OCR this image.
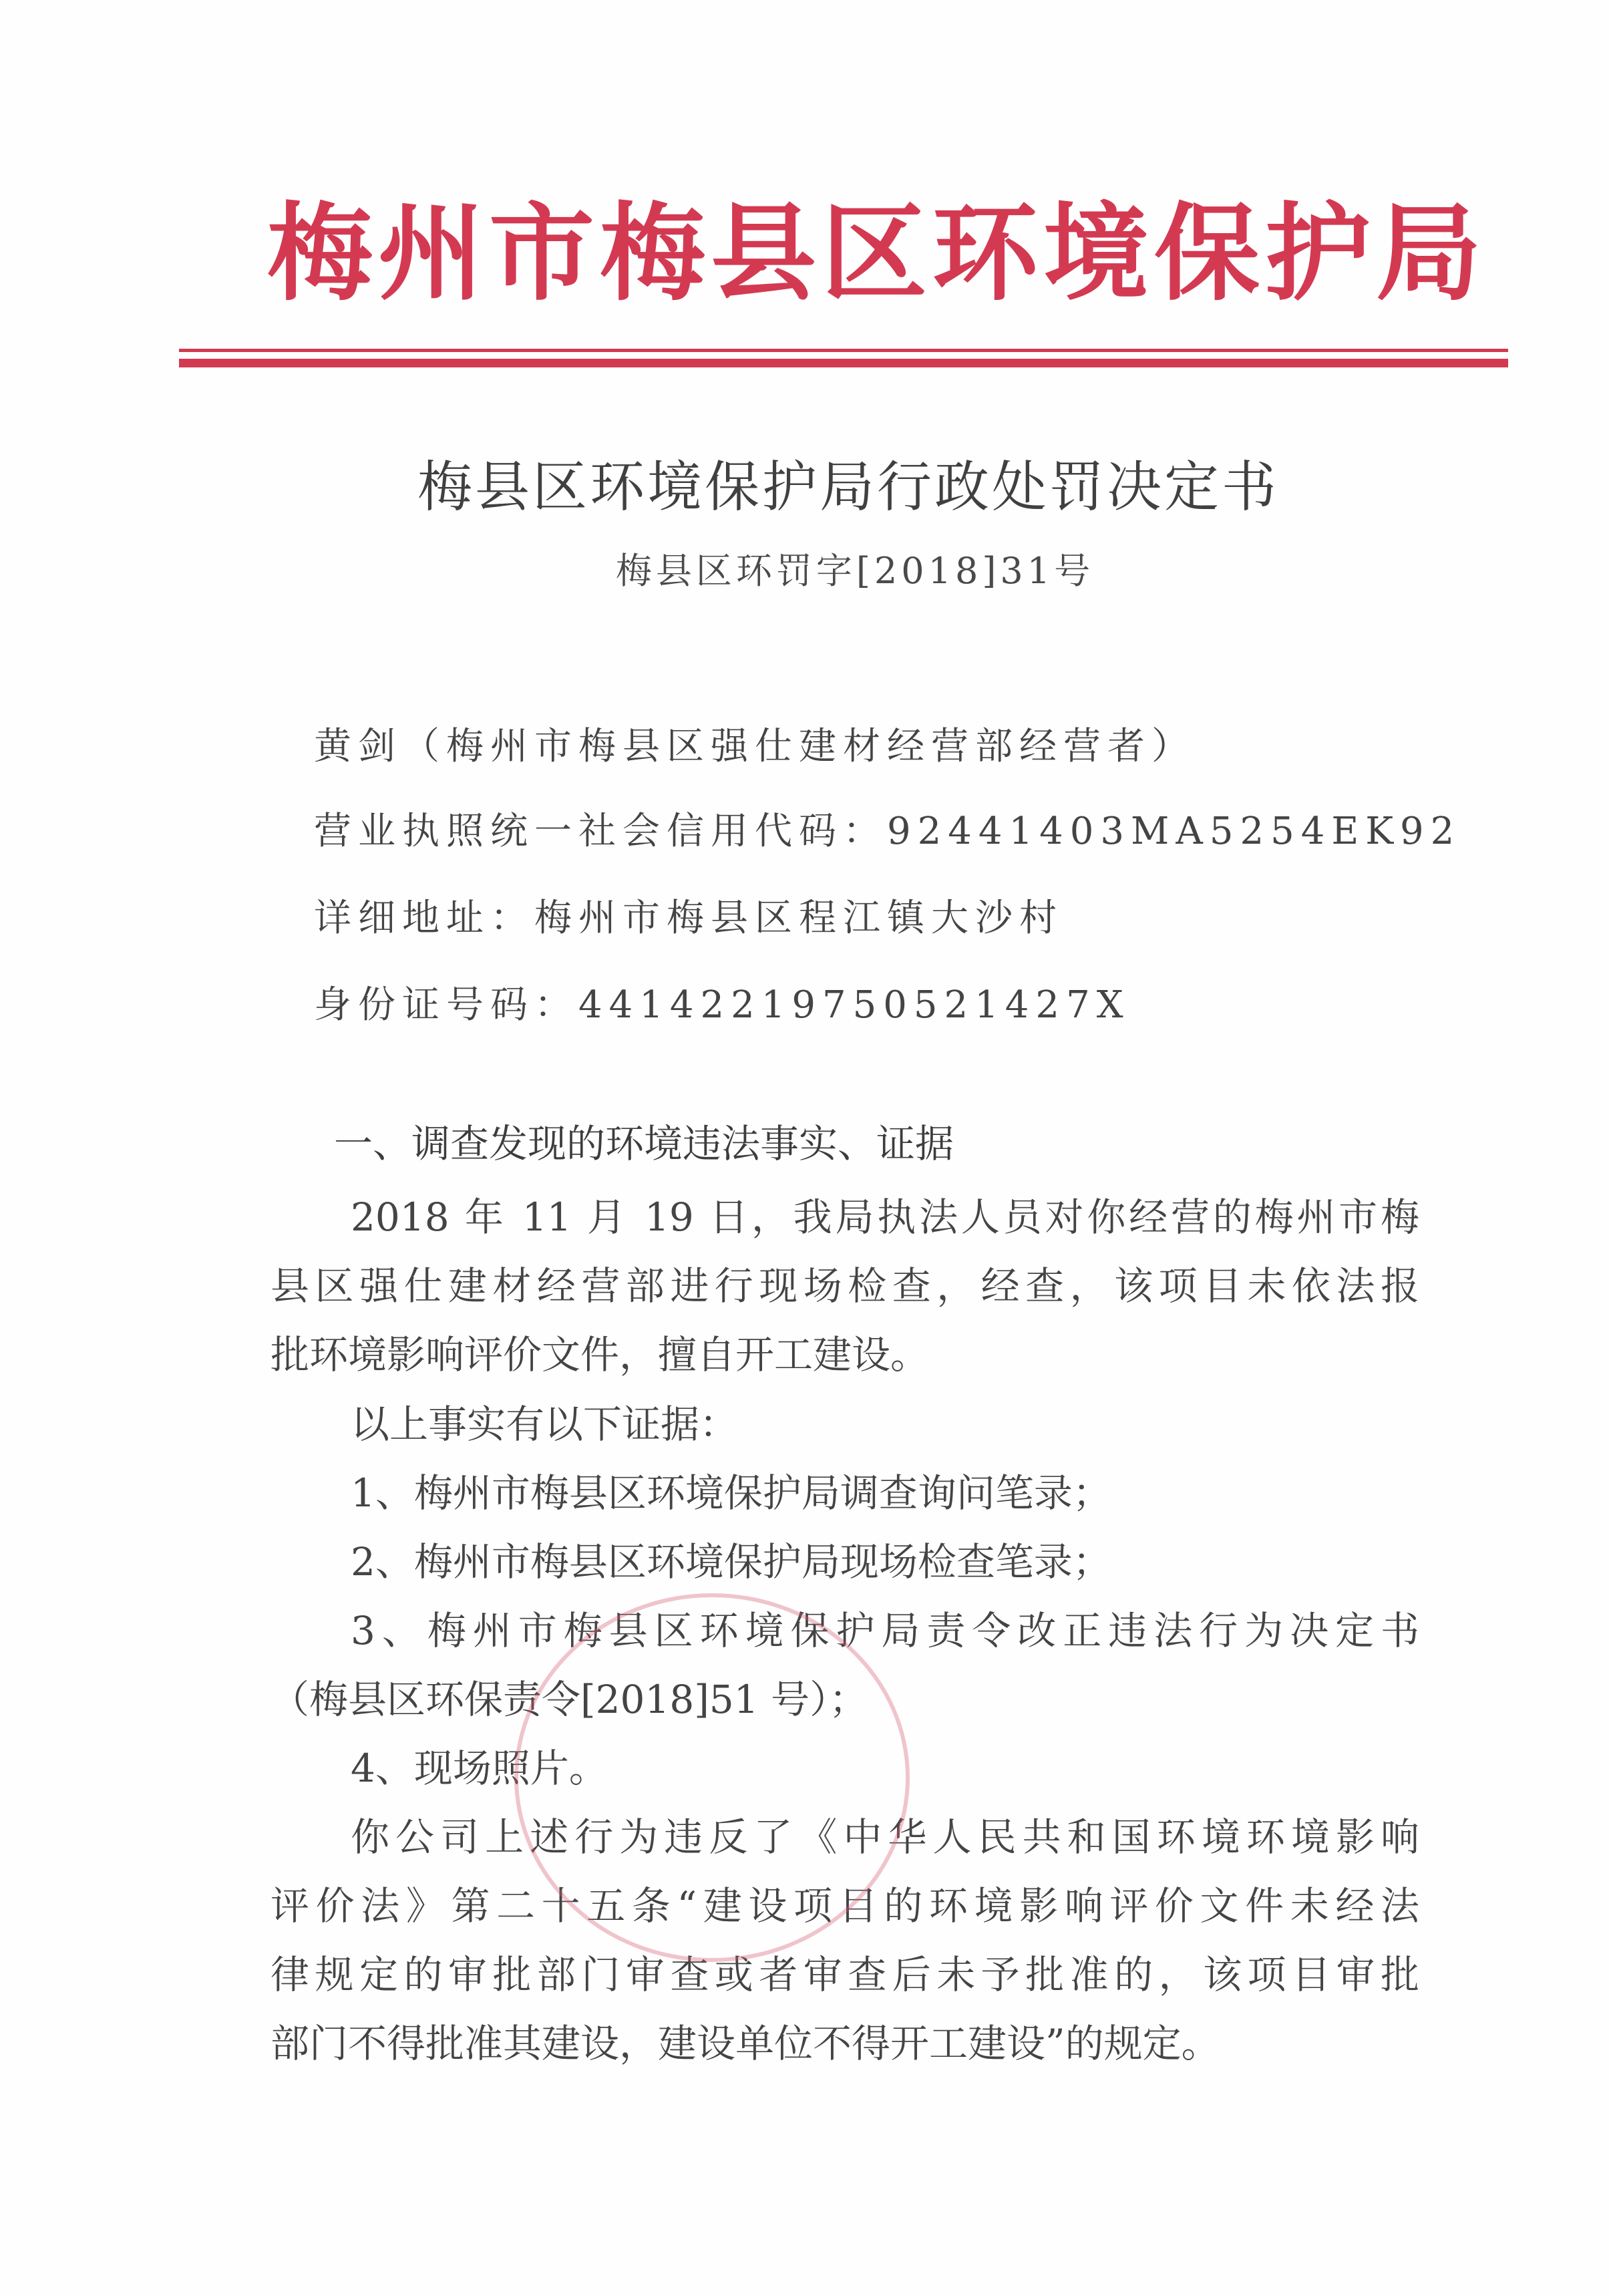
梅 州 市 梅 县 区 环 境 保 护 局
梅县区环境保护局行政处罚决定书
梅县区环罚字[2018]31号
黄剑（梅州市梅县区强仕建材经营部经营者）
营业执照统一社会信用代码：92441403MA5254EK92
详细地址：梅州市梅县区程江镇大沙村
身份证号码：44142219750521427X
一、调查发现的环境违法事实、证据
2018 年 11 月 19 日，我局执法人员对你经营的梅州市梅
县区强仕建材经营部进行现场检查，经查，该项目未依法报
批环境影响评价文件，擅自开工建设。
以上事实有以下证据：
1、梅州市梅县区环境保护局调查询问笔录；
2、梅州市梅县区环境保护局现场检查笔录；
3、梅州市梅县区环境保护局责令改正违法行为决定书
（梅县区环保责令[2018]51 号）；
4、现场照片。
你公司上述行为违反了《中华人民共和国环境环境影响
评价法》第二十五条“建设项目的环境影响评价文件未经法
律规定的审批部门审查或者审查后未予批准的，该项目审批
部门不得批准其建设，建设单位不得开工建设”的规定。
